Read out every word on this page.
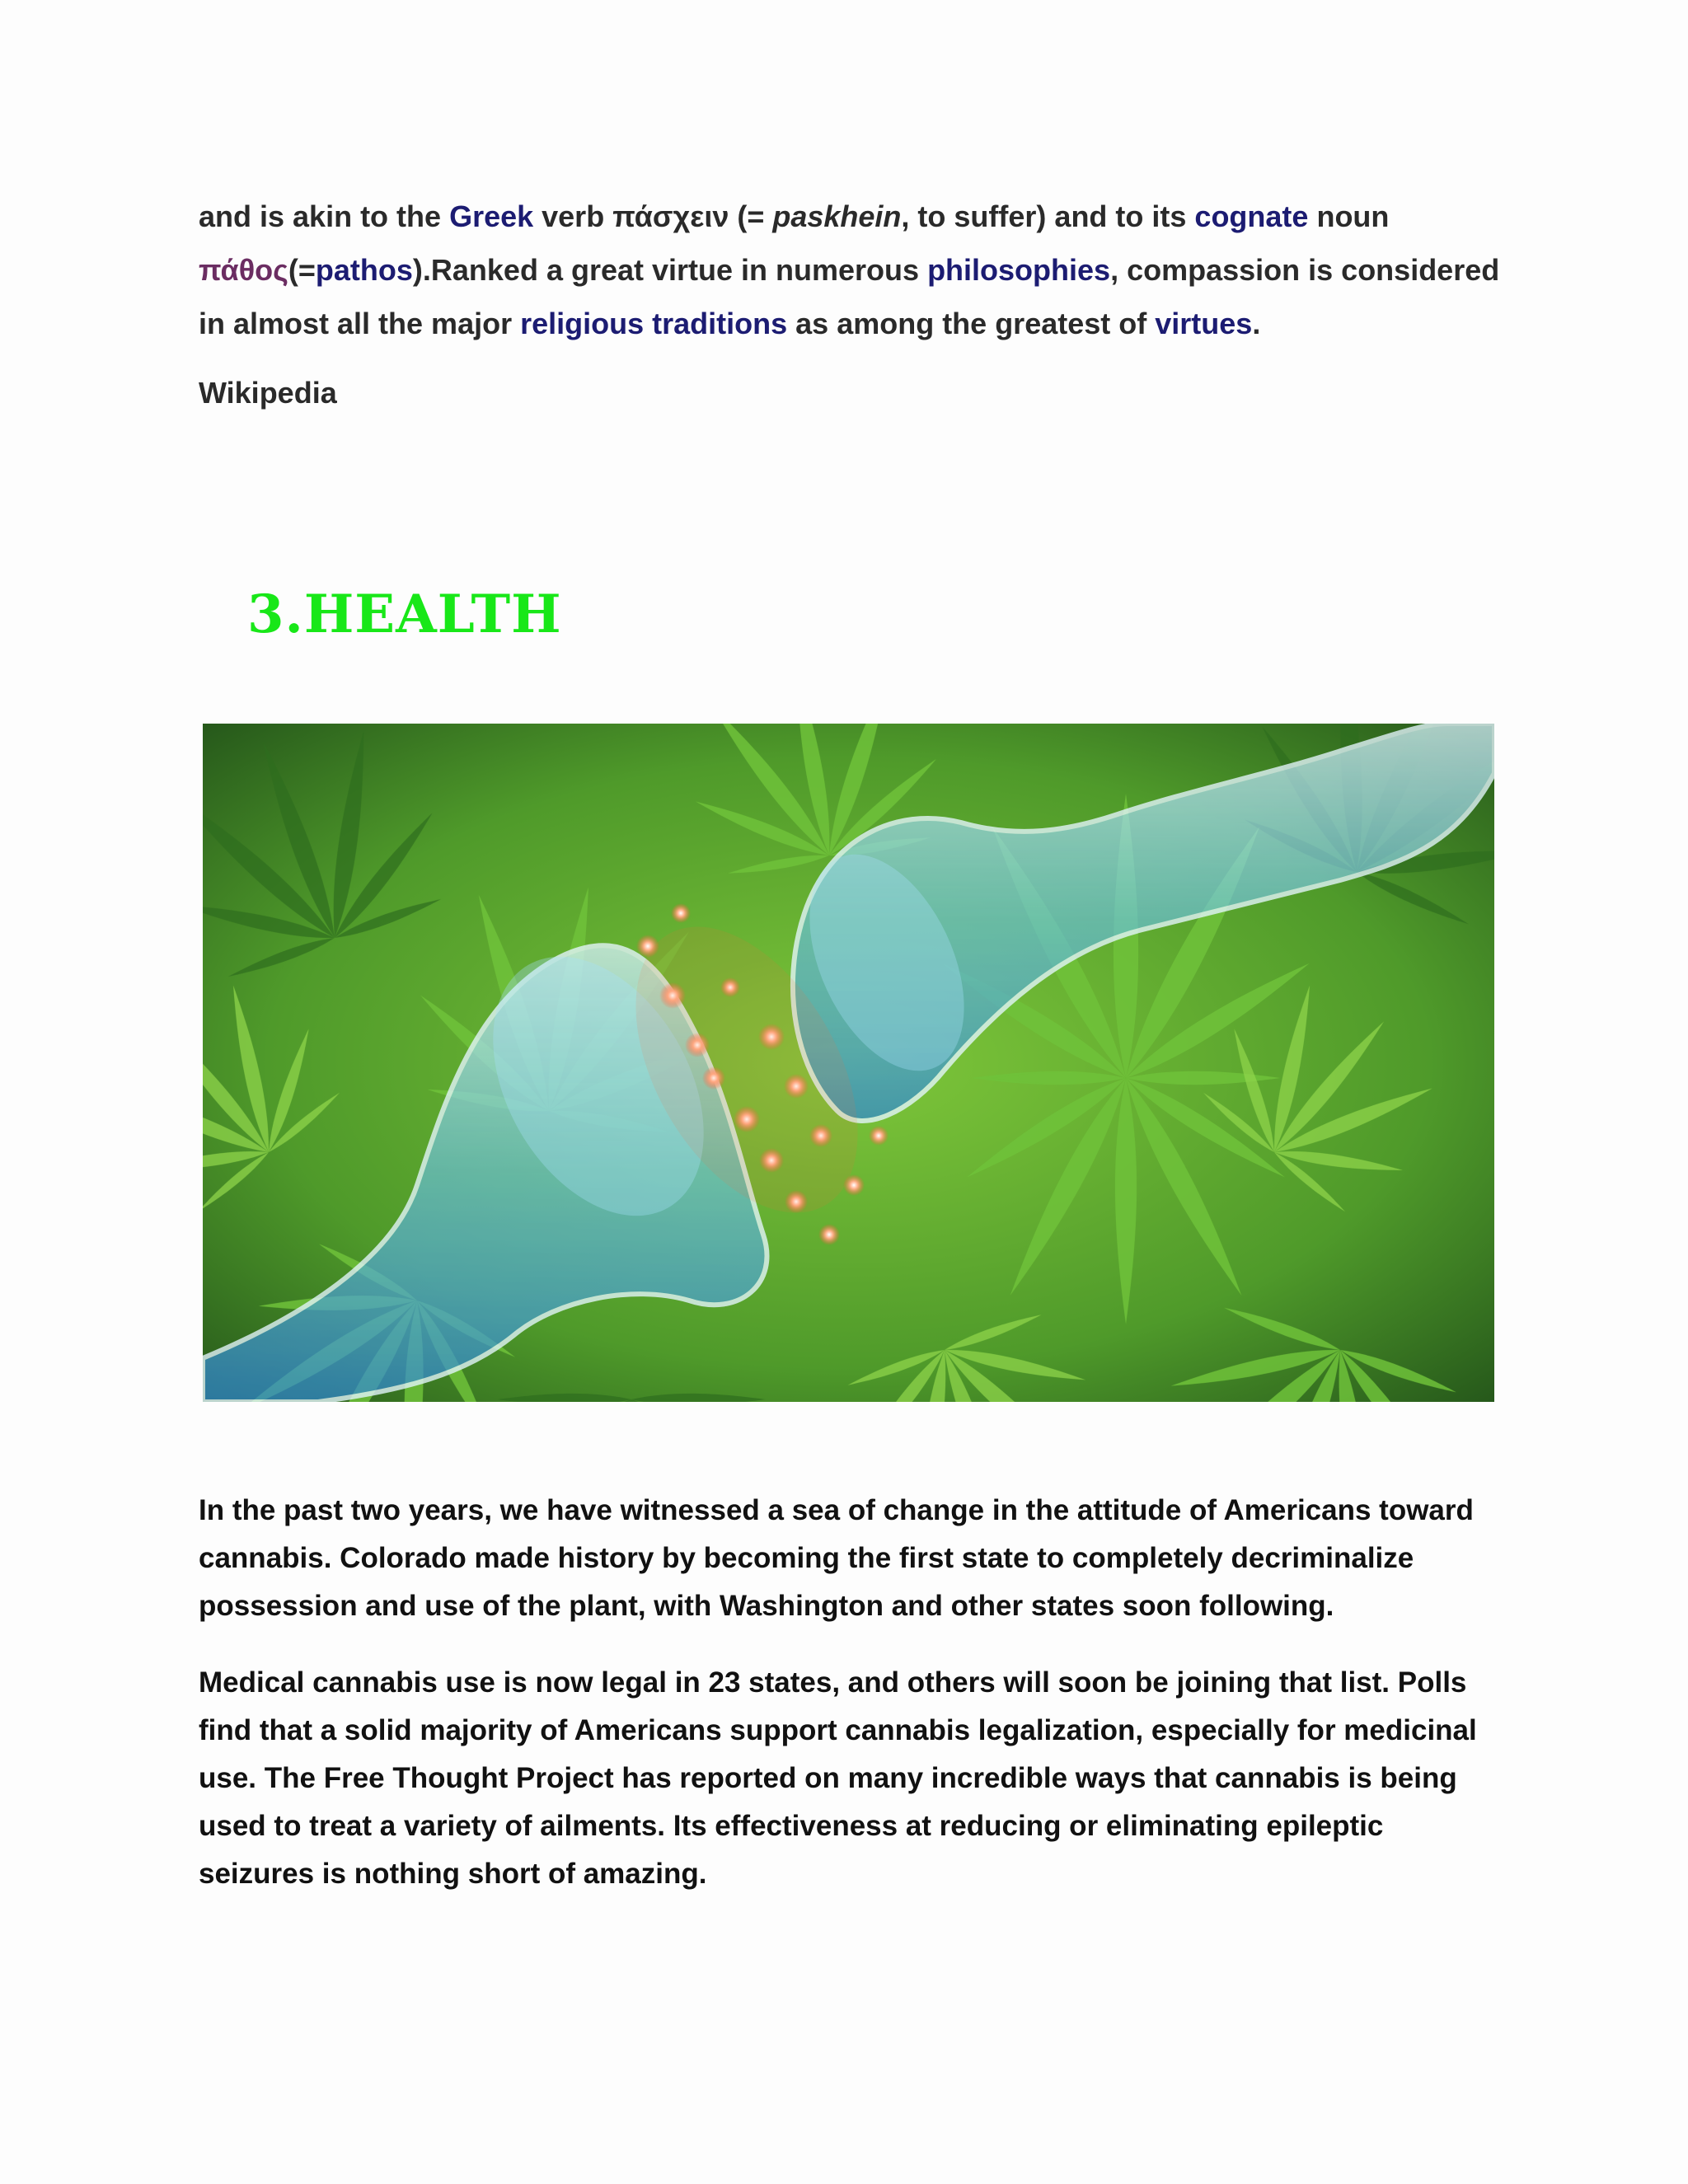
and is akin to the Greek verb πάσχειν (= paskhein, to suffer) and to its cognate noun πάθος(=pathos).Ranked a great virtue in numerous philosophies, compassion is considered in almost all the major religious traditions as among the greatest of virtues.

Wikipedia
3.HEALTH

In the past two years, we have witnessed a sea of change in the attitude of Americans toward cannabis. Colorado made history by becoming the first state to completely decriminalize possession and use of the plant, with Washington and other states soon following.

Medical cannabis use is now legal in 23 states, and others will soon be joining that list. Polls find that a solid majority of Americans support cannabis legalization, especially for medicinal use. The Free Thought Project has reported on many incredible ways that cannabis is being used to treat a variety of ailments. Its effectiveness at reducing or eliminating epileptic seizures is nothing short of amazing.
